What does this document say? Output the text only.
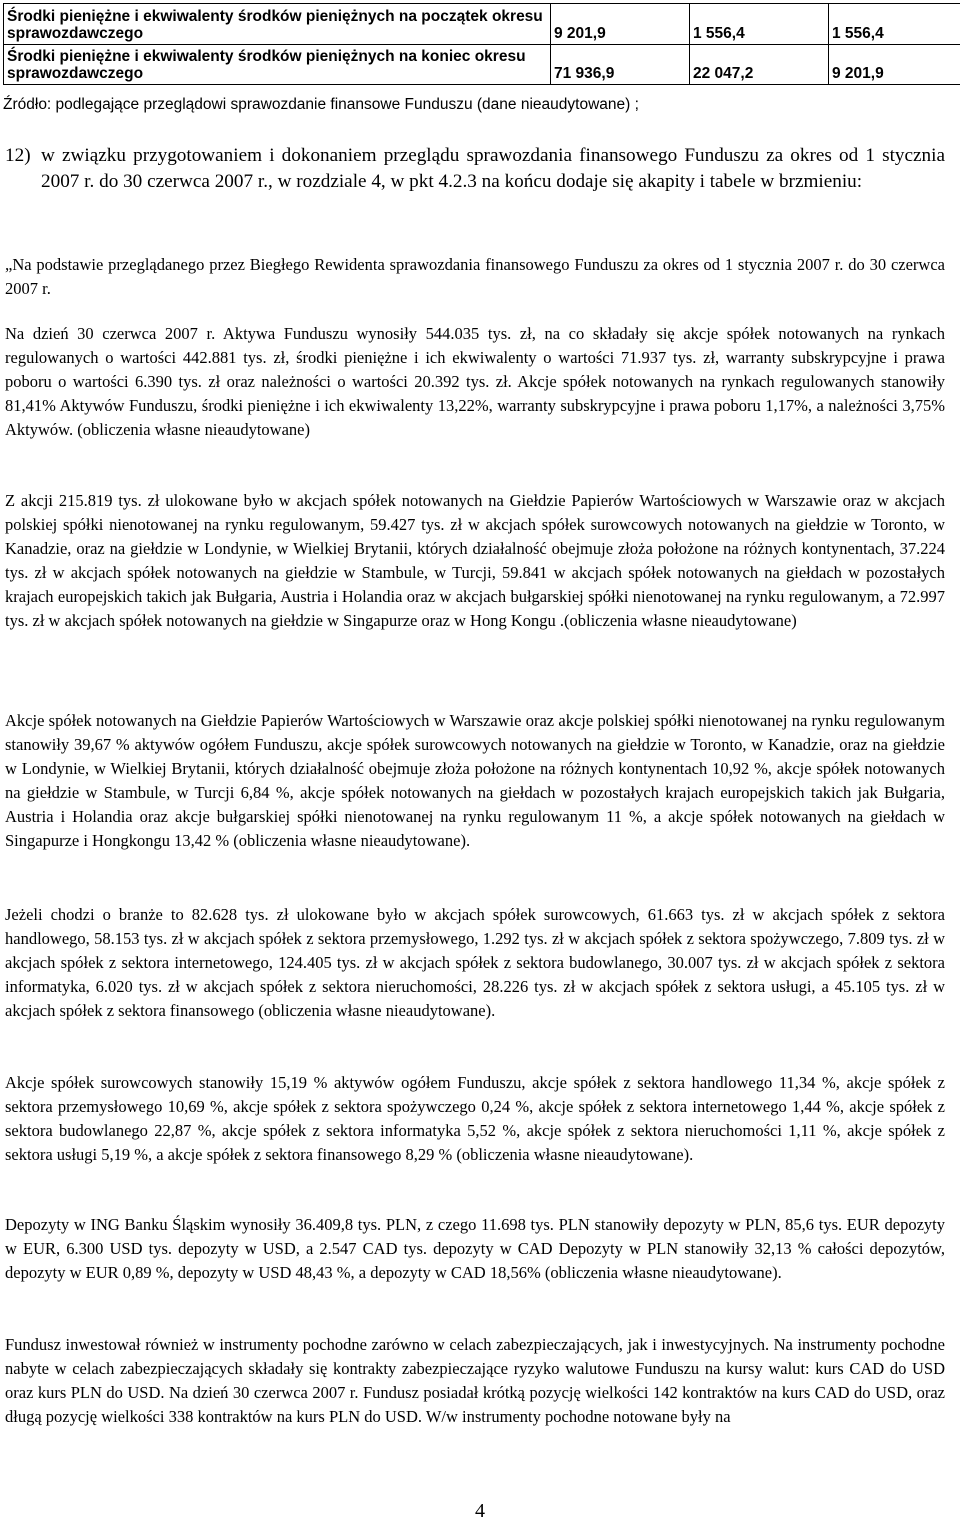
Środki pieniężne i ekwiwalenty środków pieniężnych na początek okresu sprawozdawczego	9 201,9	1 556,4	1 556,4
Środki pieniężne i ekwiwalenty środków pieniężnych na koniec okresu sprawozdawczego	71 936,9	22 047,2	9 201,9
Źródło: podlegające przeglądowi sprawozdanie finansowe Funduszu (dane nieaudytowane) ;
12) w związku przygotowaniem i dokonaniem przeglądu sprawozdania finansowego Funduszu za okres od 1 stycznia 2007 r. do 30 czerwca 2007 r., w rozdziale 4, w pkt 4.2.3 na końcu dodaje się akapity i tabele w brzmieniu:
„Na podstawie przeglądanego przez Biegłego Rewidenta sprawozdania finansowego Funduszu za okres od 1 stycznia 2007 r. do 30 czerwca 2007 r.
Na dzień 30 czerwca 2007 r. Aktywa Funduszu wynosiły 544.035 tys. zł, na co składały się akcje spółek notowanych na rynkach regulowanych o wartości 442.881 tys. zł, środki pieniężne i ich ekwiwalenty o wartości 71.937 tys. zł, warranty subskrypcyjne i prawa poboru o wartości 6.390 tys. zł oraz należności o wartości 20.392 tys. zł. Akcje spółek notowanych na rynkach regulowanych stanowiły 81,41% Aktywów Funduszu, środki pieniężne i ich ekwiwalenty 13,22%, warranty subskrypcyjne i prawa poboru 1,17%, a należności 3,75% Aktywów. (obliczenia własne nieaudytowane)
Z akcji 215.819 tys. zł ulokowane było w akcjach spółek notowanych na Giełdzie Papierów Wartościowych w Warszawie oraz w akcjach polskiej spółki nienotowanej na rynku regulowanym, 59.427 tys. zł w akcjach spółek surowcowych notowanych na giełdzie w Toronto, w Kanadzie, oraz na giełdzie w Londynie, w Wielkiej Brytanii, których działalność obejmuje złoża położone na różnych kontynentach, 37.224 tys. zł w akcjach spółek notowanych na giełdzie w Stambule, w Turcji, 59.841 w akcjach spółek notowanych na giełdach w pozostałych krajach europejskich takich jak Bułgaria, Austria i Holandia oraz w akcjach bułgarskiej spółki nienotowanej na rynku regulowanym, a 72.997 tys. zł w akcjach spółek notowanych na giełdzie w Singapurze oraz w Hong Kongu .(obliczenia własne nieaudytowane)
Akcje spółek notowanych na Giełdzie Papierów Wartościowych w Warszawie oraz akcje polskiej spółki nienotowanej na rynku regulowanym stanowiły 39,67 % aktywów ogółem Funduszu, akcje spółek surowcowych notowanych na giełdzie w Toronto, w Kanadzie, oraz na giełdzie w Londynie, w Wielkiej Brytanii, których działalność obejmuje złoża położone na różnych kontynentach 10,92 %, akcje spółek notowanych na giełdzie w Stambule, w Turcji 6,84 %, akcje spółek notowanych na giełdach w pozostałych krajach europejskich takich jak Bułgaria, Austria i Holandia oraz akcje bułgarskiej spółki nienotowanej na rynku regulowanym 11 %, a akcje spółek notowanych na giełdach w Singapurze i Hongkongu 13,42 % (obliczenia własne nieaudytowane).
Jeżeli chodzi o branże to 82.628 tys. zł ulokowane było w akcjach spółek surowcowych, 61.663 tys. zł w akcjach spółek z sektora handlowego, 58.153 tys. zł w akcjach spółek z sektora przemysłowego, 1.292 tys. zł w akcjach spółek z sektora spożywczego, 7.809 tys. zł w akcjach spółek z sektora internetowego, 124.405 tys. zł w akcjach spółek z sektora budowlanego, 30.007 tys. zł w akcjach spółek z sektora informatyka, 6.020 tys. zł w akcjach spółek z sektora nieruchomości, 28.226 tys. zł w akcjach spółek z sektora usługi, a 45.105 tys. zł w akcjach spółek z sektora finansowego (obliczenia własne nieaudytowane).
Akcje spółek surowcowych stanowiły 15,19 % aktywów ogółem Funduszu, akcje spółek z sektora handlowego 11,34 %, akcje spółek z sektora przemysłowego 10,69 %, akcje spółek z sektora spożywczego 0,24 %, akcje spółek z sektora internetowego 1,44 %, akcje spółek z sektora budowlanego 22,87 %, akcje spółek z sektora informatyka 5,52 %, akcje spółek z sektora nieruchomości 1,11 %, akcje spółek z sektora usługi 5,19 %, a akcje spółek z sektora finansowego 8,29 % (obliczenia własne nieaudytowane).
Depozyty w ING Banku Śląskim wynosiły 36.409,8 tys. PLN, z czego 11.698 tys. PLN stanowiły depozyty w PLN, 85,6 tys. EUR depozyty w EUR, 6.300 USD tys. depozyty w USD, a 2.547 CAD tys. depozyty w CAD Depozyty w PLN stanowiły 32,13 % całości depozytów, depozyty w EUR 0,89 %, depozyty w USD 48,43 %, a depozyty w CAD 18,56% (obliczenia własne nieaudytowane).
Fundusz inwestował również w instrumenty pochodne zarówno w celach zabezpieczających, jak i inwestycyjnych. Na instrumenty pochodne nabyte w celach zabezpieczających składały się kontrakty zabezpieczające ryzyko walutowe Funduszu na kursy walut: kurs CAD do USD oraz kurs PLN do USD. Na dzień 30 czerwca 2007 r. Fundusz posiadał krótką pozycję wielkości 142 kontraktów na kurs CAD do USD, oraz długą pozycję wielkości 338 kontraktów na kurs PLN do USD. W/w instrumenty pochodne notowane były na
4
